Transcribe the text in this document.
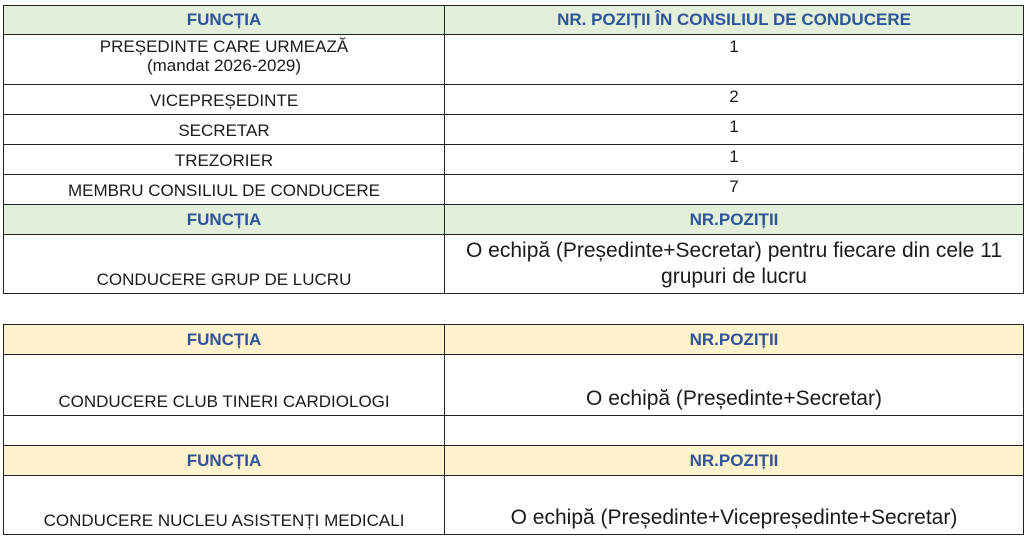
FUNCȚIA	NR. POZIȚII ÎN CONSILIUL DE CONDUCERE

PREȘEDINTE CARE URMEAZĂ
(mandat 2026-2029)	1
VICEPREȘEDINTE	2
SECRETAR	1
TREZORIER	1
MEMBRU CONSILIUL DE CONDUCERE	7
FUNCȚIA	NR.POZIȚII
CONDUCERE GRUP DE LUCRU	O echipă (Președinte+Secretar) pentru fiecare din cele 11 grupuri de lucru
FUNCȚIA	NR.POZIȚII
CONDUCERE CLUB TINERI CARDIOLOGI	O echipă (Președinte+Secretar)

FUNCȚIA	NR.POZIȚII
CONDUCERE NUCLEU ASISTENȚI MEDICALI	O echipă (Președinte+Vicepreședinte+Secretar)
